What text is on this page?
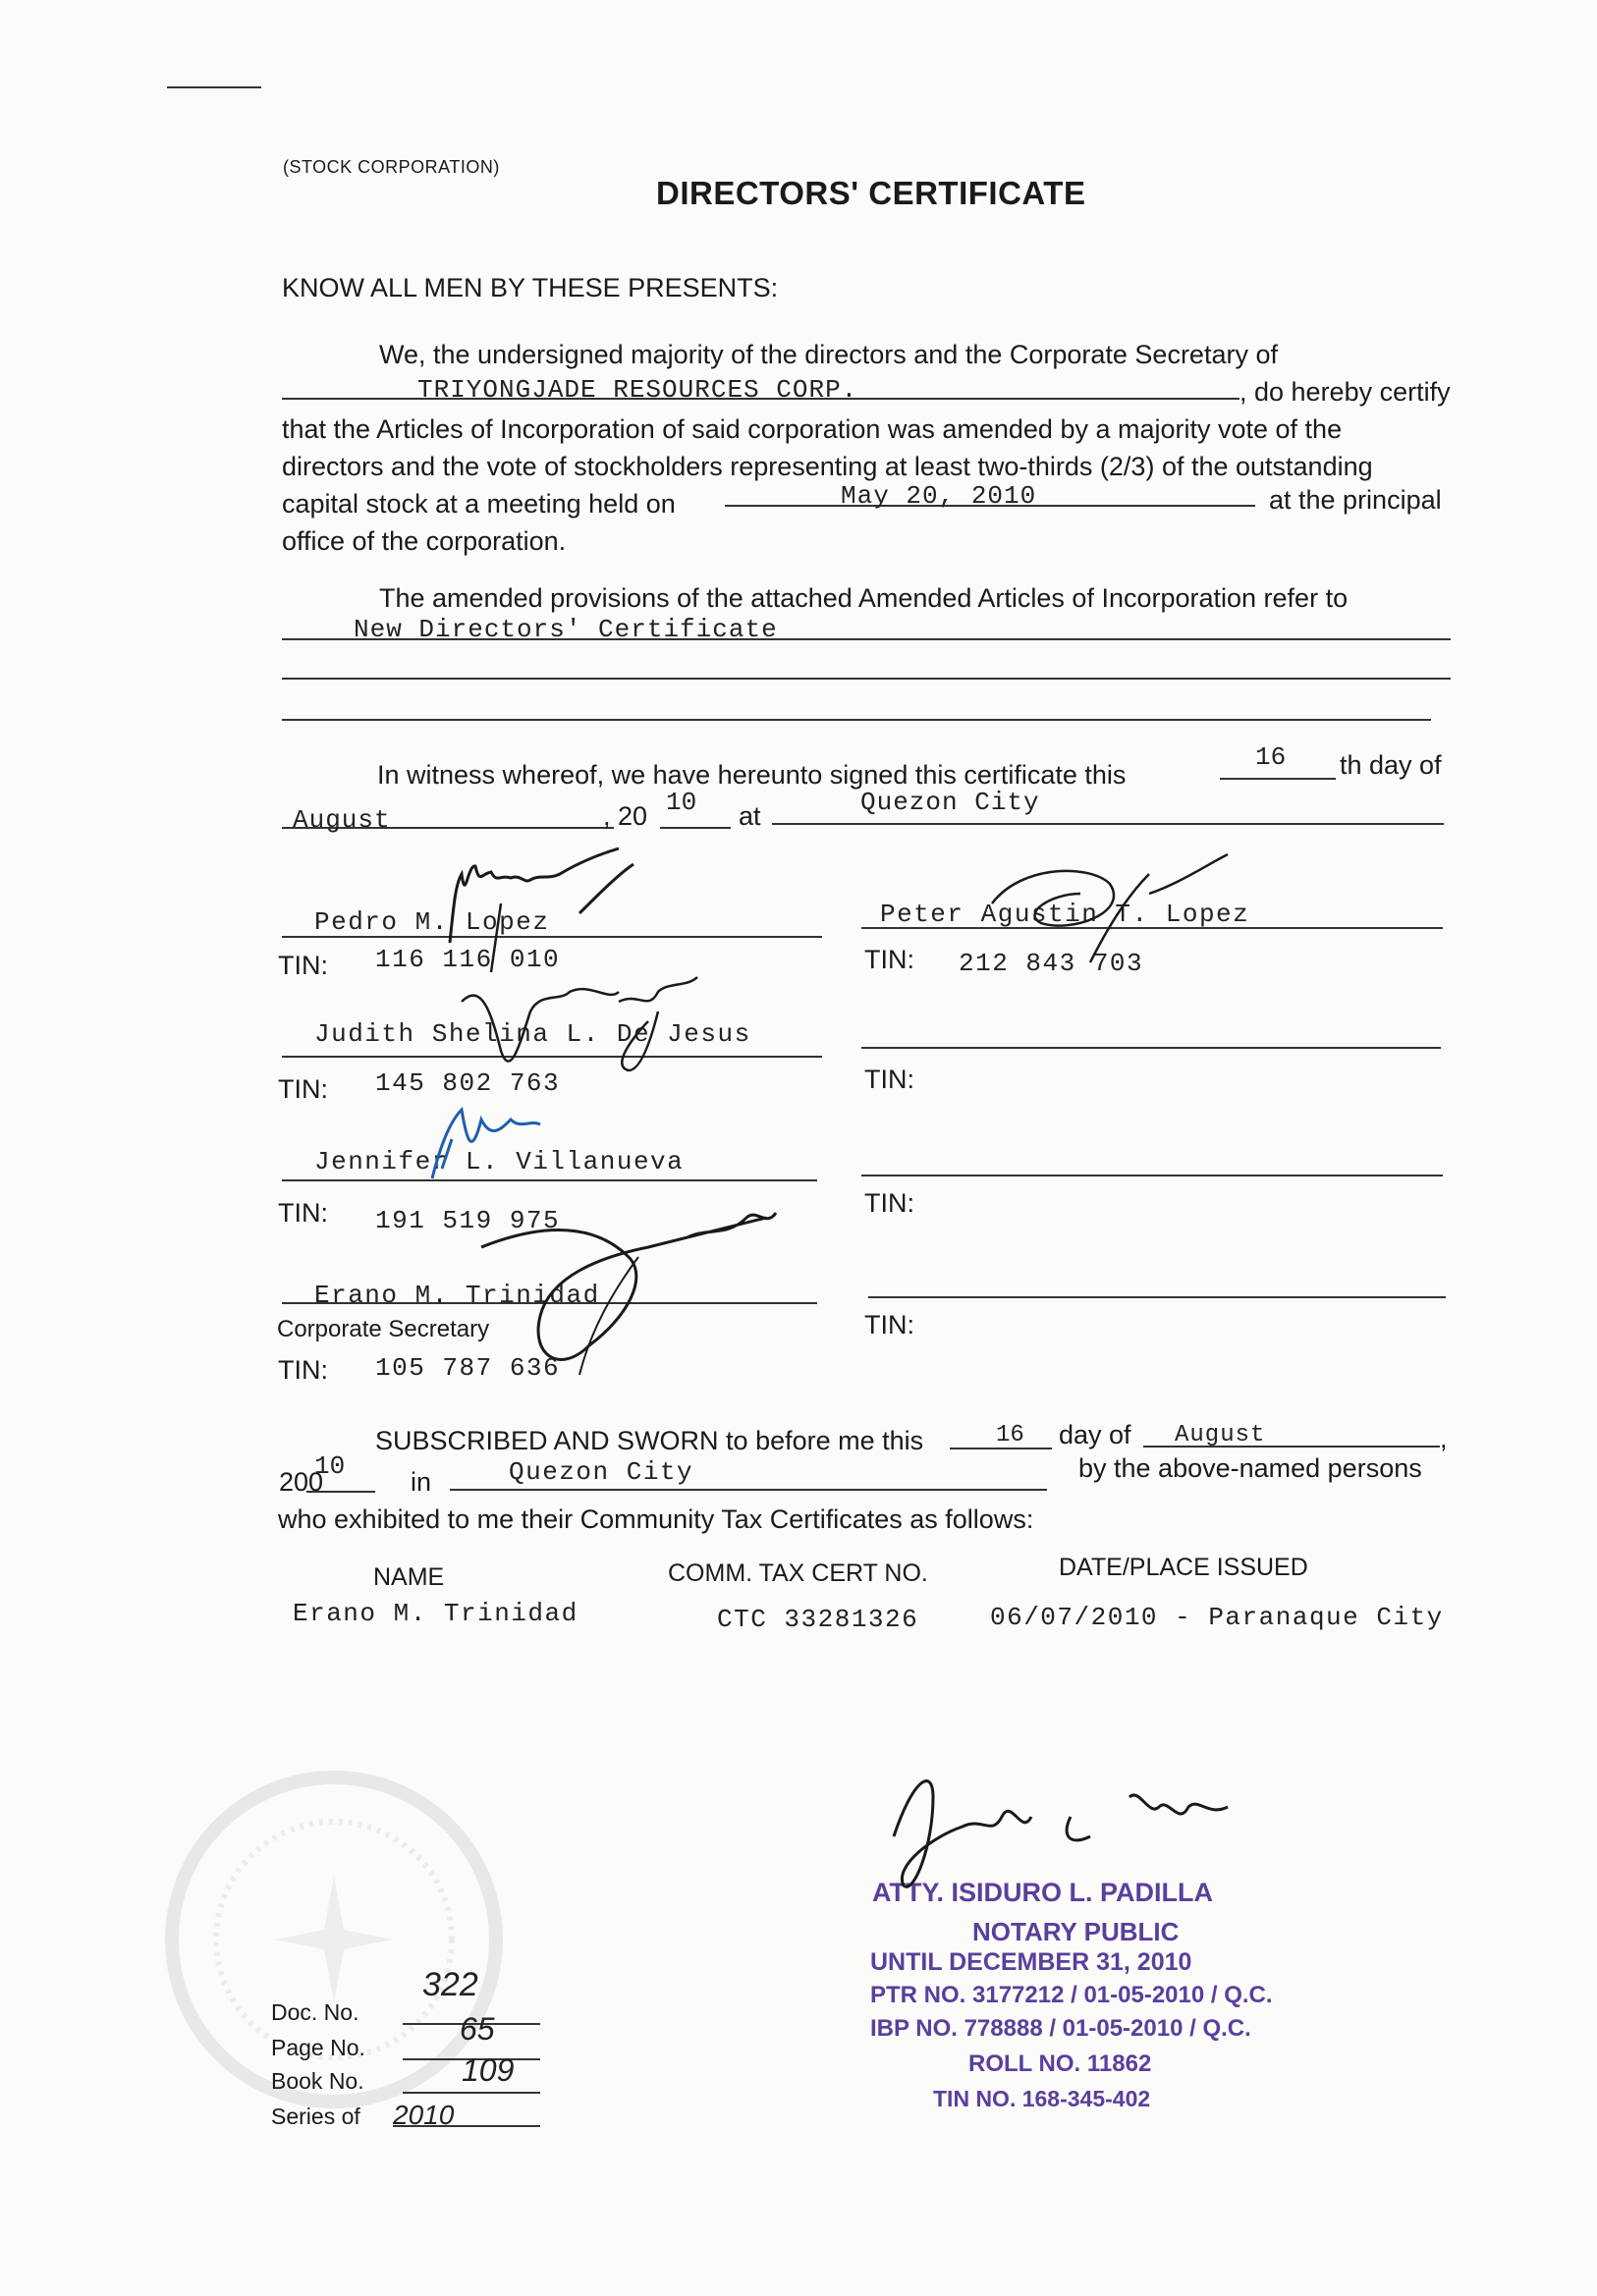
(STOCK CORPORATION)
DIRECTORS' CERTIFICATE
KNOW ALL MEN BY THESE PRESENTS:
We, the undersigned majority of the directors and the Corporate Secretary of
TRIYONGJADE RESOURCES CORP.	, do hereby certify
that the Articles of Incorporation of said corporation was amended by a majority vote of the
directors and the vote of stockholders representing at least two-thirds (2/3) of the outstanding
capital stock at a meeting held on	May 20, 2010	at the principal
office of the corporation.
The amended provisions of the attached Amended Articles of Incorporation refer to
New Directors' Certificate
In witness whereof, we have hereunto signed this certificate this
16 th day of
August	, 20 10 at	Quezon City
Pedro M. Lopez
TIN: 116 116 010
Judith Shelina L. De Jesus
TIN: 145 802 763
Jennifer L. Villanueva
TIN: 191 519 975
Erano M. Trinidad
Corporate Secretary
TIN: 105 787 636
Peter Agustin T. Lopez
TIN: 212 843 703
TIN:
TIN:
TIN:
SUBSCRIBED AND SWORN to before me this	16 day of August	,
200
10
in	Quezon City	by the above-named persons
who exhibited to me their Community Tax Certificates as follows:
NAME	COMM. TAX CERT NO.	DATE/PLACE ISSUED
Erano M. Trinidad	CTC 33281326	06/07/2010 - Paranaque City
Doc. No.
322
Page No.
65
Book No.	109
Series of 2010
ATTY. ISIDURO L. PADILLA
NOTARY PUBLIC
UNTIL DECEMBER 31, 2010
PTR NO. 3177212 / 01-05-2010 / Q.C.
IBP NO. 778888 / 01-05-2010 / Q.C.
ROLL NO. 11862
TIN NO. 168-345-402
